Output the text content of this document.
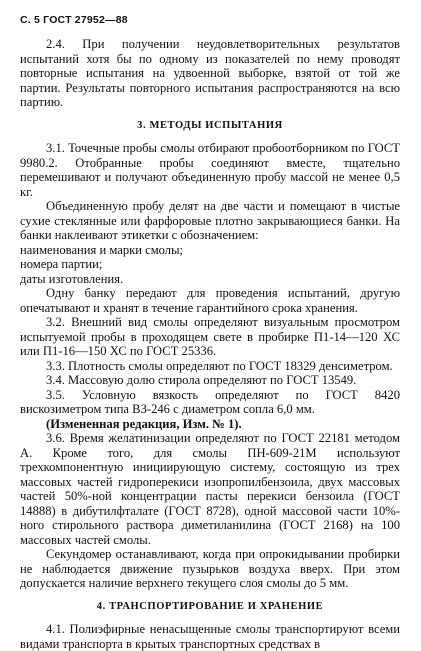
С. 5 ГОСТ 27952—88

2.4. При получении неудовлетворительных результатов испытаний хотя бы по одному из показателей по нему проводят повторные испытания на удвоенной выборке, взятой от той же партии. Результаты повторного испытания распространяются на всю партию.

3. МЕТОДЫ ИСПЫТАНИЯ

3.1. Точечные пробы смолы отбирают пробоотборником по ГОСТ 9980.2. Отобранные пробы соединяют вместе, тщательно перемешивают и получают объединенную пробу массой не менее 0,5 кг.

Объединенную пробу делят на две части и помещают в чистые сухие стеклянные или фарфоровые плотно закрывающиеся банки. На банки наклеивают этикетки с обозначением:

наименования и марки смолы;

номера партии;

даты изготовления.

Одну банку передают для проведения испытаний, другую опечатывают и хранят в течение гарантийного срока хранения.

3.2. Внешний вид смолы определяют визуальным просмотром испытуемой пробы в проходящем свете в пробирке П1-14—120 ХС или П1-16—150 ХС по ГОСТ 25336.

3.3. Плотность смолы определяют по ГОСТ 18329 денсиметром.

3.4. Массовую долю стирола определяют по ГОСТ 13549.

3.5. Условную вязкость определяют по ГОСТ 8420 вискозиметром типа ВЗ-246 с диаметром сопла 6,0 мм.

(Измененная редакция, Изм. № 1).

3.6. Время желатинизации определяют по ГОСТ 22181 методом А. Кроме того, для смолы ПН-609-21М используют трехкомпонентную инициирующую систему, состоящую из трех массовых частей гидроперекиси изопропилбензоила, двух массовых частей 50%-ной концентрации пасты перекиси бензоила (ГОСТ 14888) в дибутилфталате (ГОСТ 8728), одной массовой части 10%-ного стирольного раствора диметиланилина (ГОСТ 2168) на 100 массовых частей смолы.

Секундомер останавливают, когда при опрокидывании пробирки не наблюдается движение пузырьков воздуха вверх. При этом допускается наличие верхнего текущего слоя смолы до 5 мм.

4. ТРАНСПОРТИРОВАНИЕ И ХРАНЕНИЕ

4.1. Полиэфирные ненасыщенные смолы транспортируют всеми видами транспорта в крытых транспортных средствах в
